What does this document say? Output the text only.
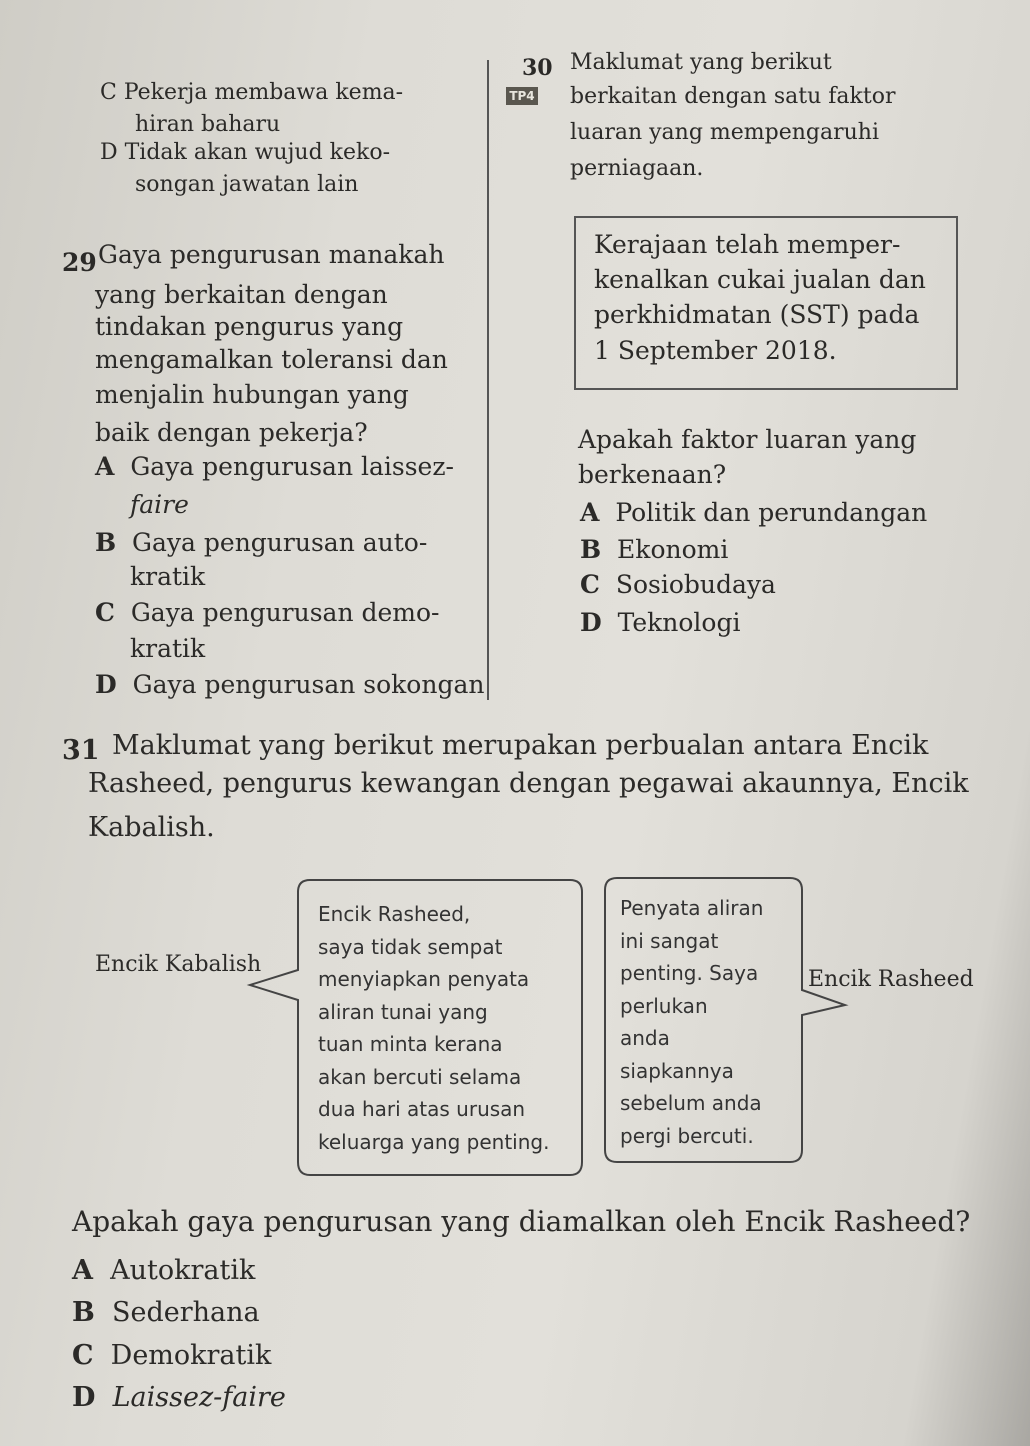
C Pekerja membawa kema-
hiran baharu
D Tidak akan wujud keko-
songan jawatan lain
29 Gaya pengurusan manakah
yang berkaitan dengan
tindakan pengurus yang
mengamalkan toleransi dan
menjalin hubungan yang
baik dengan pekerja?
A Gaya pengurusan laissez-
faire
B Gaya pengurusan auto-
kratik
C Gaya pengurusan demo-
kratik
D Gaya pengurusan sokongan
30
TP4
Maklumat yang berikut
berkaitan dengan satu faktor
luaran yang mempengaruhi
perniagaan.
Kerajaan telah memper-
kenalkan cukai jualan dan
perkhidmatan (SST) pada
1 September 2018.
Apakah faktor luaran yang
berkenaan?
A Politik dan perundangan
B Ekonomi
C Sosiobudaya
D Teknologi
31 Maklumat yang berikut merupakan perbualan antara Encik
Rasheed, pengurus kewangan dengan pegawai akaunnya, Encik
Kabalish.
Encik Kabalish
Encik Rasheed
Encik Rasheed,
saya tidak sempat
menyiapkan penyata
aliran tunai yang
tuan minta kerana
akan bercuti selama
dua hari atas urusan
keluarga yang penting.
Penyata aliran
ini sangat
penting. Saya
perlukan
anda
siapkannya
sebelum anda
pergi bercuti.
Apakah gaya pengurusan yang diamalkan oleh Encik Rasheed?
A Autokratik
B Sederhana
C Demokratik
D Laissez-faire
